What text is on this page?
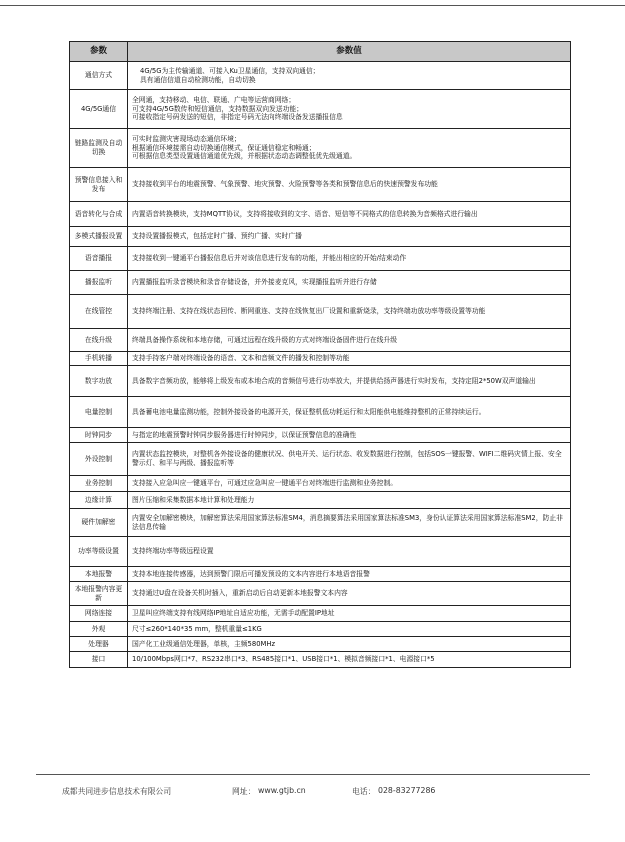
参数	参数值
通信方式	4G/5G为主传输通道、可接入Ku卫星通信，支持双向通信；
具有通信信道自动检测功能，自动切换

4G/5G通信	全网通，支持移动、电信、联通、广电等运营商网络；
可支持4G/5G数传和短信通信，支持数据双向发送功能；
可接收指定号码发送的短信，非指定号码无法向终端设备发送播报信息

链路监测及自动切换	可实时监测灾害现场动态通信环境；
根据通信环境接需自动切换通信模式，保证通信稳定和畅通；
可根据信息类型设置通信通道优先级，并根据状态动态调整低优先级通道。

预警信息接入和发布	支持接收到平台的地震预警、气象预警、地灾预警、火险预警等各类和预警信息后的快速预警发布功能

语音转化与合成	内置语音转换模块，支持MQTT协议，支持将接收到的文字、语音、短信等不同格式的信息转换为音频格式进行输出

多模式播报设置	支持设置播报模式，包括定时广播、预约广播、实时广播

语音播报	支持接收到一键通平台播报信息后并对该信息进行发布的功能，并能出相应的开始/结束动作

播报监听	内置播报监听录音模块和录音存储设备，并外接麦克风，实现播报监听并进行存储

在线管控	支持终端注册、支持在线状态回传、断网重连、支持在线恢复出厂设置和重新烧录，支持终端功放功率等级设置等功能

在线升级	终端具备操作系统和本地存储，可通过远程在线升级的方式对终端设备固件进行在线升级

手机转播	支持手持客户端对终端设备的语音、文本和音频文件的播发和控制等功能

数字功放	具备数字音频功放，能够将上级发布或本地合成的音频信号进行功率放大，并提供给扬声器进行实时发布，支持定阻2*50W双声道输出

电量控制	具备蓄电池电量监测功能，控制外接设备的电源开关，保证整机低功耗运行和太阳能供电能维持整机的正常持续运行。

时钟同步	与指定的地震预警时钟同步服务器进行时钟同步，以保证预警信息的准确性

外设控制	内置状态监控模块，对整机各外接设备的健康状况、供电开关、运行状态、收发数据进行控制，包括SOS一键报警、WIFI二维码灾情上报、安全警示灯、和平与两级、播报监听等

业务控制	支持接入应急叫应一键通平台，可通过应急叫应一键通平台对终端进行监测和业务控制。

边缘计算	图片压缩和采集数据本地计算和处理能力

硬件加解密	内置安全加解密模块，加解密算法采用国家算法标准SM4，消息摘要算法采用国家算法标准SM3，身份认证算法采用国家算法标准SM2，防止非法信息传输

功率等级设置	支持终端功率等级远程设置

本地报警	支持本地连接传感器，达到预警门限后可播发预设的文本内容进行本地语音报警

本地报警内容更新	支持通过U盘在设备关机时插入，重新启动后自动更新本地报警文本内容

网络连接	卫星叫应终端支持有线网络IP地址自适应功能，无需手动配置IP地址

外观	尺寸≤260*140*35 mm，整机重量≤1KG

处理器	国产化工业级通信处理器，单核，主频580MHz

接口	10/100Mbps网口*7、RS232串口*3、RS485接口*1、USB接口*1、模拟音频接口*1、电源接口*5
成都共同进步信息技术有限公司	网址： www.gtjb.cn	电话： 028-83277286
